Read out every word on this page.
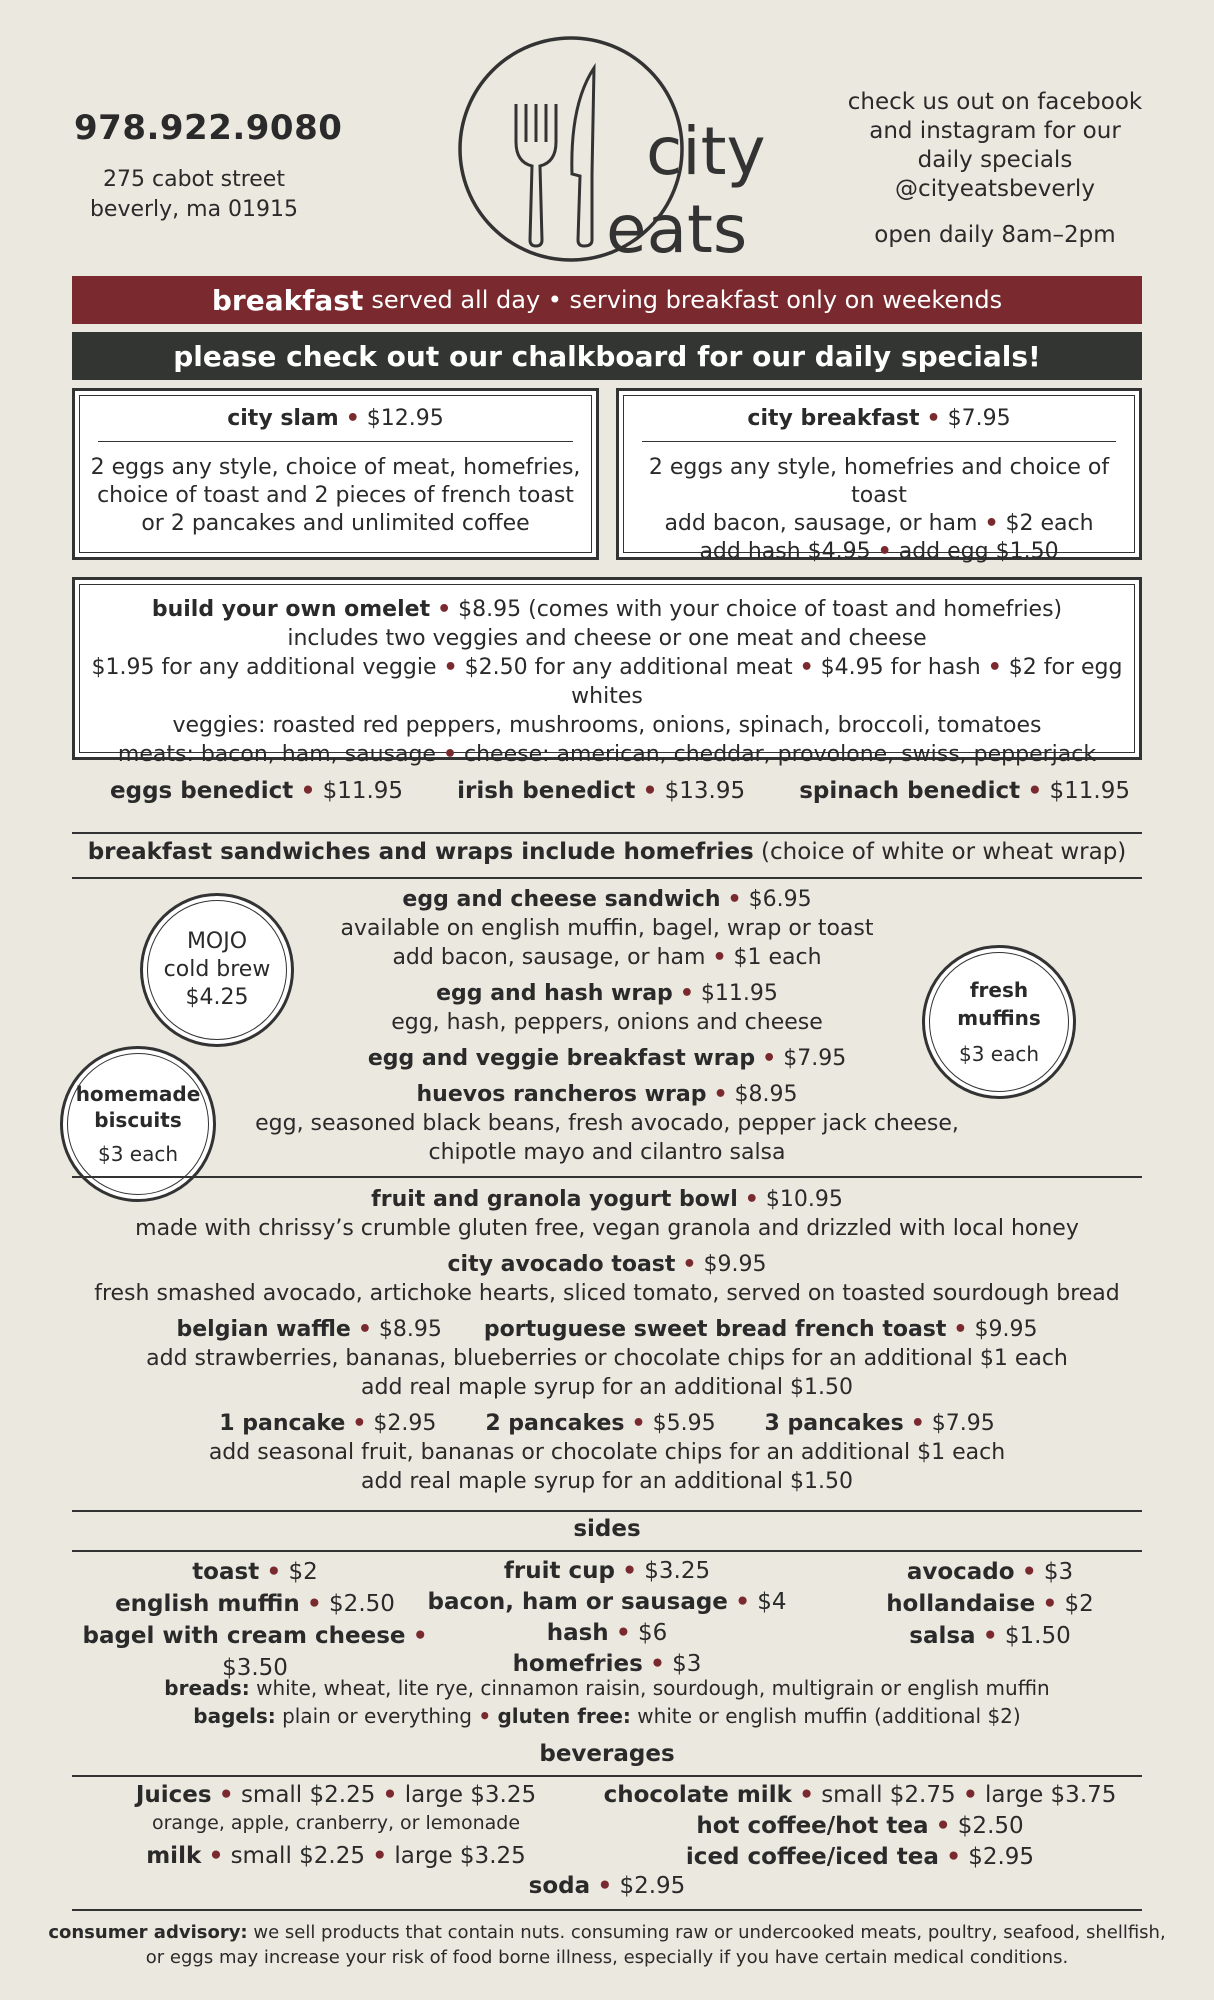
978.922.9080
275 cabot street
beverly, ma 01915
city
eats
check us out on facebook
and instagram for our
daily specials
@cityeatsbeverly
open daily 8am–2pm
breakfast served all day • serving breakfast only on weekends
please check out our chalkboard for our daily specials!
city slam • $12.95
2 eggs any style, choice of meat, homefries,
choice of toast and 2 pieces of french toast
or 2 pancakes and unlimited coffee
city breakfast • $7.95
2 eggs any style, homefries and choice of toast
add bacon, sausage, or ham • $2 each
add hash $4.95 • add egg $1.50
build your own omelet • $8.95 (comes with your choice of toast and homefries)
includes two veggies and cheese or one meat and cheese
$1.95 for any additional veggie • $2.50 for any additional meat • $4.95 for hash • $2 for egg whites
veggies: roasted red peppers, mushrooms, onions, spinach, broccoli, tomatoes
meats: bacon, ham, sausage • cheese: american, cheddar, provolone, swiss, pepperjack
eggs benedict • $11.95 irish benedict • $13.95 spinach benedict • $11.95
breakfast sandwiches and wraps include homefries (choice of white or wheat wrap)
egg and cheese sandwich • $6.95
available on english muffin, bagel, wrap or toast
add bacon, sausage, or ham • $1 each
egg and hash wrap • $11.95
egg, hash, peppers, onions and cheese
egg and veggie breakfast wrap • $7.95
huevos rancheros wrap • $8.95
egg, seasoned black beans, fresh avocado, pepper jack cheese,
chipotle mayo and cilantro salsa
MOJO
cold brew
$4.25
homemade
biscuits
$3 each
fresh muffins
$3 each
fruit and granola yogurt bowl • $10.95
made with chrissy’s crumble gluten free, vegan granola and drizzled with local honey
city avocado toast • $9.95
fresh smashed avocado, artichoke hearts, sliced tomato, served on toasted sourdough bread
belgian waffle • $8.95 portuguese sweet bread french toast • $9.95
add strawberries, bananas, blueberries or chocolate chips for an additional $1 each
add real maple syrup for an additional $1.50
1 pancake • $2.95 2 pancakes • $5.95 3 pancakes • $7.95
add seasonal fruit, bananas or chocolate chips for an additional $1 each
add real maple syrup for an additional $1.50
sides
toast • $2
english muffin • $2.50
bagel with cream cheese • $3.50
fruit cup • $3.25
bacon, ham or sausage • $4
hash • $6
homefries • $3
avocado • $3
hollandaise • $2
salsa • $1.50
breads: white, wheat, lite rye, cinnamon raisin, sourdough, multigrain or english muffin
bagels: plain or everything • gluten free: white or english muffin (additional $2)
beverages
Juices • small $2.25 • large $3.25
orange, apple, cranberry, or lemonade
milk • small $2.25 • large $3.25
chocolate milk • small $2.75 • large $3.75
hot coffee/hot tea • $2.50
iced coffee/iced tea • $2.95
soda • $2.95
consumer advisory: we sell products that contain nuts. consuming raw or undercooked meats, poultry, seafood, shellfish,
or eggs may increase your risk of food borne illness, especially if you have certain medical conditions.
